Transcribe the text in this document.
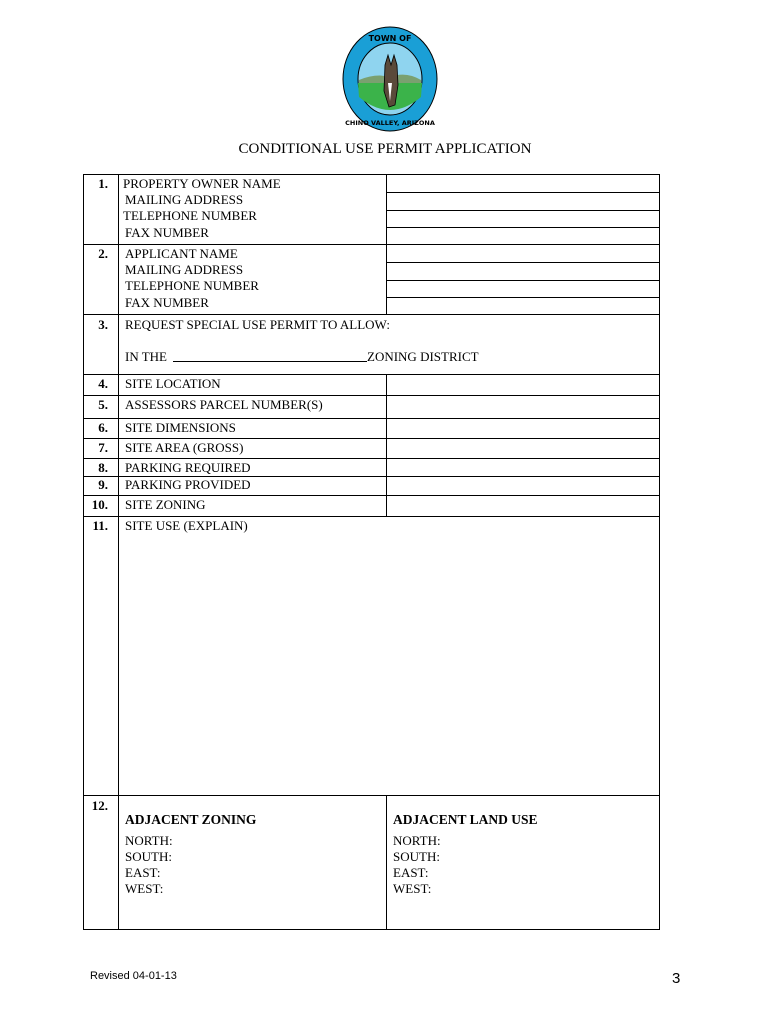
TOWN OF
CHINO VALLEY, ARIZONA
CONDITIONAL USE PERMIT APPLICATION
1. PROPERTY OWNER NAME
MAILING ADDRESS
TELEPHONE NUMBER
FAX NUMBER
2. APPLICANT NAME
MAILING ADDRESS
TELEPHONE NUMBER
FAX NUMBER
3. REQUEST SPECIAL USE PERMIT TO ALLOW:
IN THE	ZONING DISTRICT
4. SITE LOCATION
5. ASSESSORS PARCEL NUMBER(S)
6. SITE DIMENSIONS
7. SITE AREA (GROSS)
8. PARKING REQUIRED
9. PARKING PROVIDED
10. SITE ZONING
11. SITE USE (EXPLAIN)
12.
ADJACENT ZONING
NORTH:
SOUTH:
EAST:
WEST:
ADJACENT LAND USE
NORTH:
SOUTH:
EAST:
WEST:
Revised 04-01-13	3
